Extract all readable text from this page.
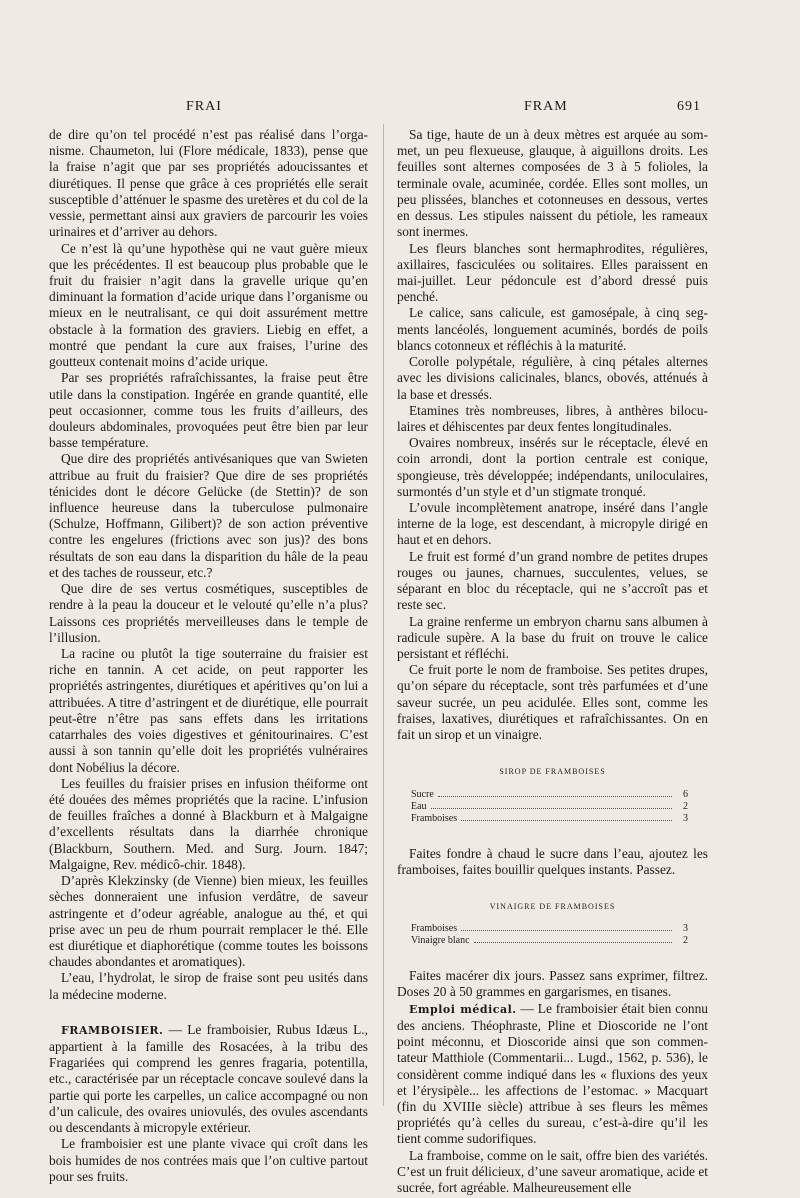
FRAI	FRAM	691

de dire qu’on tel procédé n’est pas réalisé dans l’organisme. Chaumeton, lui (Flore médicale, 1833), pense que la fraise n’agit que par ses propriétés adoucissantes et diurétiques. Il pense que grâce à ces propriétés elle serait susceptible d’atténuer le spasme des uretères et du col de la vessie, permettant ainsi aux graviers de parcourir les voies urinaires et d’arriver au dehors.

Ce n’est là qu’une hypothèse qui ne vaut guère mieux que les précédentes. Il est beaucoup plus probable que le fruit du fraisier n’agit dans la gravelle urique qu’en diminuant la formation d’acide urique dans l’organisme ou mieux en le neutralisant, ce qui doit assurément mettre obstacle à la formation des graviers. Liebig en effet, a montré que pendant la cure aux fraises, l’urine des goutteux contenait moins d’acide urique.

Par ses propriétés rafraîchissantes, la fraise peut être utile dans la constipation. Ingérée en grande quantité, elle peut occasionner, comme tous les fruits d’ailleurs, des douleurs abdominales, provoquées peut être bien par leur basse température.

Que dire des propriétés antivésaniques que van Swieten attribue au fruit du fraisier? Que dire de ses propriétés ténicides dont le décore Gelücke (de Stettin)? de son influence heureuse dans la tuberculose pulmonaire (Schulze, Hoffmann, Gilibert)? de son action préventive contre les engelures (frictions avec son jus)? des bons résultats de son eau dans la disparition du hâle de la peau et des taches de rousseur, etc.?

Que dire de ses vertus cosmétiques, susceptibles de rendre à la peau la douceur et le velouté qu’elle n’a plus? Laissons ces propriétés merveilleuses dans le temple de l’illusion.

La racine ou plutôt la tige souterraine du fraisier est riche en tannin. A cet acide, on peut rapporter les propriétés astringentes, diurétiques et apéritives qu’on lui a attribuées. A titre d’astringent et de diurétique, elle pourrait peut-être n’être pas sans effets dans les irritations catarrhales des voies digestives et génitourinaires. C’est aussi à son tannin qu’elle doit les propriétés vulnéraires dont Nobélius la décore.

Les feuilles du fraisier prises en infusion théiforme ont été douées des mêmes propriétés que la racine. L’infusion de feuilles fraîches a donné à Blackburn et à Malgaigne d’excellents résultats dans la diarrhée chronique (Blackburn, Southern. Med. and Surg. Journ. 1847; Malgaigne, Rev. médicô-chir. 1848).

D’après Klekzinsky (de Vienne) bien mieux, les feuilles sèches donneraient une infusion verdâtre, de saveur astringente et d’odeur agréable, analogue au thé, et qui prise avec un peu de rhum pourrait remplacer le thé. Elle est diurétique et diaphorétique (comme toutes les boissons chaudes abondantes et aromatiques).

L’eau, l’hydrolat, le sirop de fraise sont peu usités dans la médecine moderne.

FRAMBOISIER. — Le framboisier, Rubus Idæus L., appartient à la famille des Rosacées, à la tribu des Fragariées qui comprend les genres fragaria, potentilla, etc., caractérisée par un réceptacle concave soulevé dans la partie qui porte les carpelles, un calice accompagné ou non d’un calicule, des ovaires uniovulés, des ovules ascendants ou descendants à micropyle extérieur.

Le framboisier est une plante vivace qui croît dans les bois humides de nos contrées mais que l’on cultive partout pour ses fruits.

Sa tige, haute de un à deux mètres est arquée au sommet, un peu flexueuse, glauque, à aiguillons droits. Les feuilles sont alternes composées de 3 à 5 folioles, la terminale ovale, acuminée, cordée. Elles sont molles, un peu plissées, blanches et cotonneuses en dessous, vertes en dessus. Les stipules naissent du pétiole, les rameaux sont inermes.

Les fleurs blanches sont hermaphrodites, régulières, axillaires, fasciculées ou solitaires. Elles paraissent en mai-juillet. Leur pédoncule est d’abord dressé puis penché.

Le calice, sans calicule, est gamosépale, à cinq segments lancéolés, longuement acuminés, bordés de poils blancs cotonneux et réfléchis à la maturité.

Corolle polypétale, régulière, à cinq pétales alternes avec les divisions calicinales, blancs, obovés, atténués à la base et dressés.

Etamines très nombreuses, libres, à anthères biloculaires et déhiscentes par deux fentes longitudinales.

Ovaires nombreux, insérés sur le réceptacle, élevé en coin arrondi, dont la portion centrale est conique, spongieuse, très développée; indépendants, uniloculaires, surmontés d’un style et d’un stigmate tronqué.

L’ovule incomplètement anatrope, inséré dans l’angle interne de la loge, est descendant, à micropyle dirigé en haut et en dehors.

Le fruit est formé d’un grand nombre de petites drupes rouges ou jaunes, charnues, succulentes, velues, se séparant en bloc du réceptacle, qui ne s’accroît pas et reste sec.

La graine renferme un embryon charnu sans albumen à radicule supère. A la base du fruit on trouve le calice persistant et réfléchi.

Ce fruit porte le nom de framboise. Ses petites drupes, qu’on sépare du réceptacle, sont très parfumées et d’une saveur sucrée, un peu acidulée. Elles sont, comme les fraises, laxatives, diurétiques et rafraîchissantes. On en fait un sirop et un vinaigre.

SIROP DE FRAMBOISES
Sucre	6
Eau	2
Framboises	3

Faites fondre à chaud le sucre dans l’eau, ajoutez les framboises, faites bouillir quelques instants. Passez.

VINAIGRE DE FRAMBOISES
Framboises	3
Vinaigre blanc	2

Faites macérer dix jours. Passez sans exprimer, filtrez. Doses 20 à 50 grammes en gargarismes, en tisanes.

Emploi médical. — Le framboisier était bien connu des anciens. Théophraste, Pline et Dioscoride ne l’ont point méconnu, et Dioscoride ainsi que son commentateur Matthiole (Commentarii... Lugd., 1562, p. 536), le considèrent comme indiqué dans les « fluxions des yeux et l’érysipèle... les affections de l’estomac. » Macquart (fin du XVIIIe siècle) attribue à ses fleurs les mêmes propriétés qu’à celles du sureau, c’est-à-dire qu’il les tient comme sudorifiques.

La framboise, comme on le sait, offre bien des variétés. C’est un fruit délicieux, d’une saveur aromatique, acide et sucrée, fort agréable. Malheureusement elle
